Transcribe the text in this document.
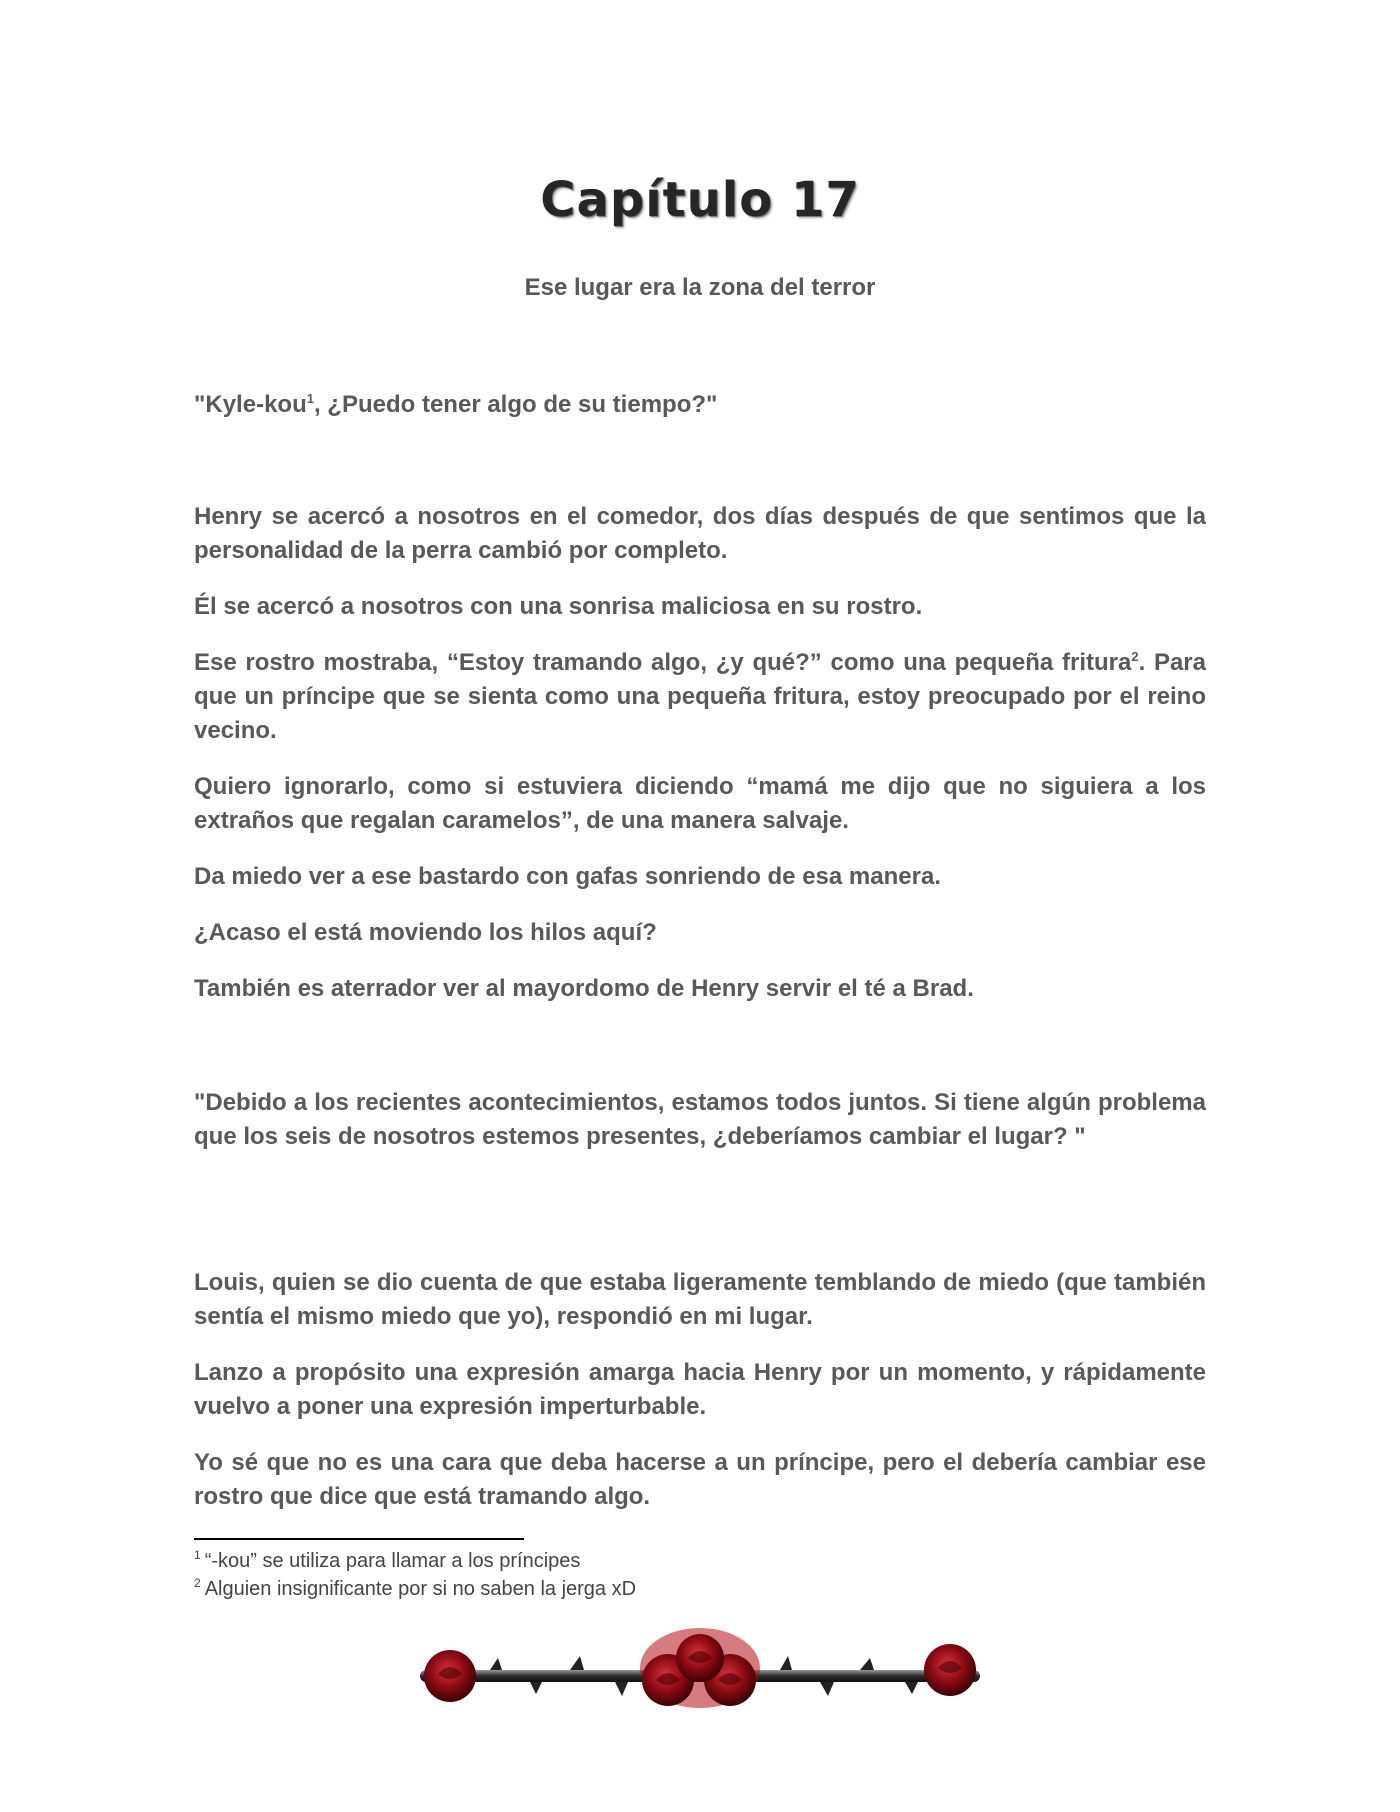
Capítulo 17
Ese lugar era la zona del terror

"Kyle-kou$^1$, ¿Puedo tener algo de su tiempo?"

Henry se acercó a nosotros en el comedor, dos días después de que sentimos que la personalidad de la perra cambió por completo.

Él se acercó a nosotros con una sonrisa maliciosa en su rostro.

Ese rostro mostraba, “Estoy tramando algo, ¿y qué?” como una pequeña fritura$^2$. Para que un príncipe que se sienta como una pequeña fritura, estoy preocupado por el reino vecino.

Quiero ignorarlo, como si estuviera diciendo “mamá me dijo que no siguiera a los extraños que regalan caramelos”, de una manera salvaje.

Da miedo ver a ese bastardo con gafas sonriendo de esa manera.

¿Acaso el está moviendo los hilos aquí?

También es aterrador ver al mayordomo de Henry servir el té a Brad.

"Debido a los recientes acontecimientos, estamos todos juntos. Si tiene algún problema que los seis de nosotros estemos presentes, ¿deberíamos cambiar el lugar? "

Louis, quien se dio cuenta de que estaba ligeramente temblando de miedo (que también sentía el mismo miedo que yo), respondió en mi lugar.

Lanzo a propósito una expresión amarga hacia Henry por un momento, y rápidamente vuelvo a poner una expresión imperturbable.

Yo sé que no es una cara que deba hacerse a un príncipe, pero el debería cambiar ese rostro que dice que está tramando algo.

$^1$ “-kou” se utiliza para llamar a los príncipes
$^2$ Alguien insignificante por si no saben la jerga xD
